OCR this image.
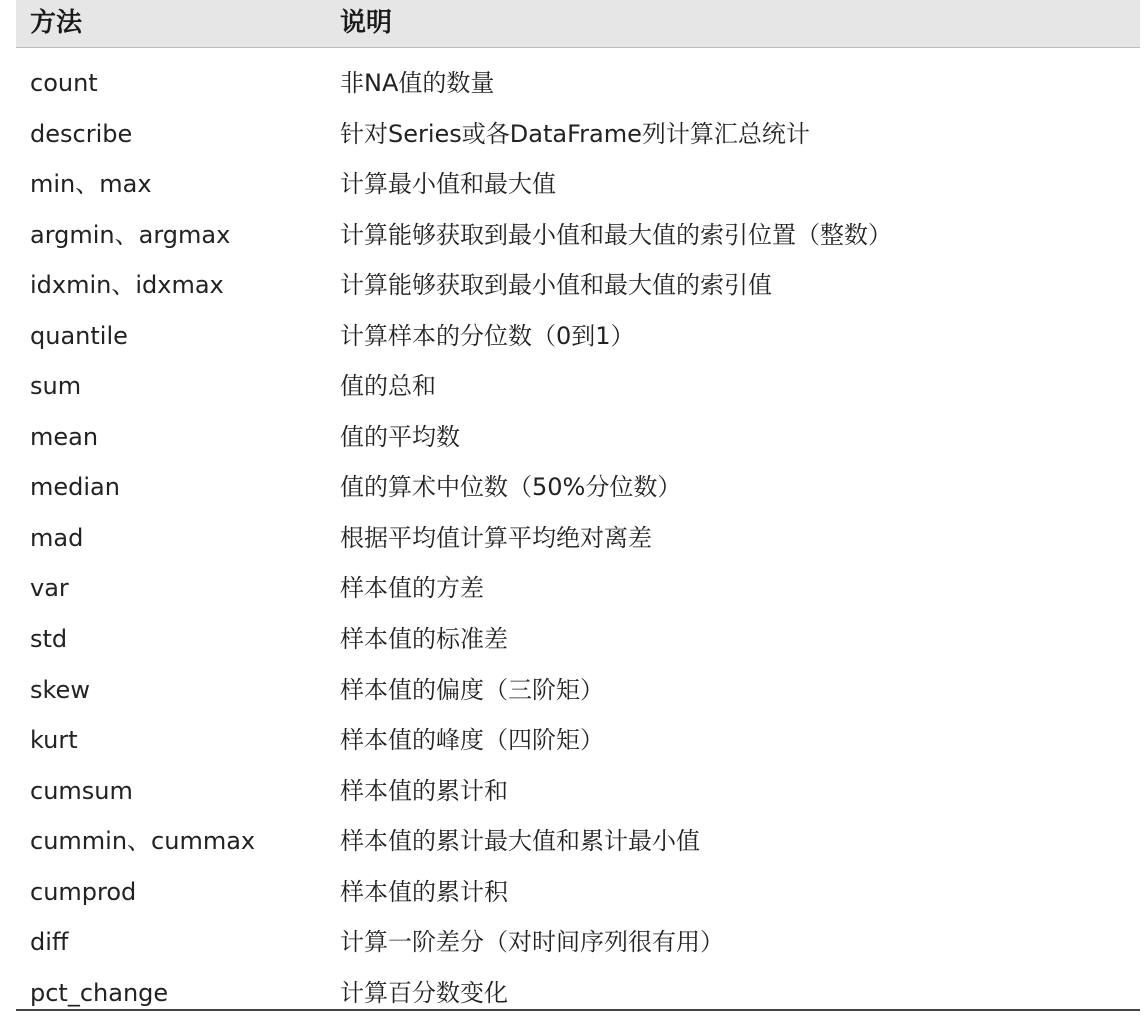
方法	说明
count	非NA值的数量
describe	针对Series或各DataFrame列计算汇总统计
min、max	计算最小值和最大值
argmin、argmax	计算能够获取到最小值和最大值的索引位置（整数）
idxmin、idxmax	计算能够获取到最小值和最大值的索引值
quantile	计算样本的分位数（0到1）
sum	值的总和
mean	值的平均数
median	值的算术中位数（50%分位数）
mad	根据平均值计算平均绝对离差
var	样本值的方差
std	样本值的标准差
skew	样本值的偏度（三阶矩）
kurt	样本值的峰度（四阶矩）
cumsum	样本值的累计和
cummin、cummax	样本值的累计最大值和累计最小值
cumprod	样本值的累计积
diff	计算一阶差分（对时间序列很有用）
pct_change	计算百分数变化
